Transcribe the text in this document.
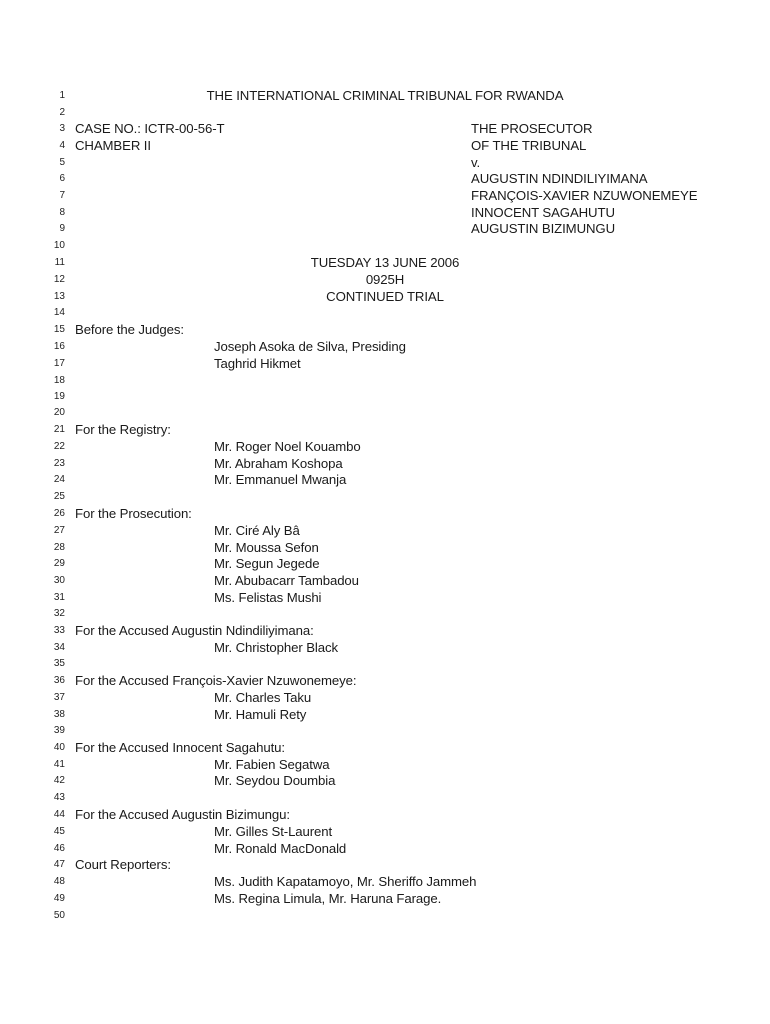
1	THE INTERNATIONAL CRIMINAL TRIBUNAL FOR RWANDA
2
3 CASE NO.: ICTR-00-56-T	THE PROSECUTOR
4 CHAMBER II	OF THE TRIBUNAL
5	v.
6	AUGUSTIN NDINDILIYIMANA
7	FRANÇOIS-XAVIER NZUWONEMEYE
8	INNOCENT SAGAHUTU
9	AUGUSTIN BIZIMUNGU
10
11	TUESDAY 13 JUNE 2006
12	0925H
13	CONTINUED TRIAL
14
15 Before the Judges:
16	Joseph Asoka de Silva, Presiding
17	Taghrid Hikmet
18
19
20
21 For the Registry:
22	Mr. Roger Noel Kouambo
23	Mr. Abraham Koshopa
24	Mr. Emmanuel Mwanja
25
26 For the Prosecution:
27	Mr. Ciré Aly Bâ
28	Mr. Moussa Sefon
29	Mr. Segun Jegede
30	Mr. Abubacarr Tambadou
31	Ms. Felistas Mushi
32
33 For the Accused Augustin Ndindiliyimana:
34	Mr. Christopher Black
35
36 For the Accused François-Xavier Nzuwonemeye:
37	Mr. Charles Taku
38	Mr. Hamuli Rety
39
40 For the Accused Innocent Sagahutu:
41	Mr. Fabien Segatwa
42	Mr. Seydou Doumbia
43
44 For the Accused Augustin Bizimungu:
45	Mr. Gilles St-Laurent
46	Mr. Ronald MacDonald
47 Court Reporters:
48	Ms. Judith Kapatamoyo, Mr. Sheriffo Jammeh
49	Ms. Regina Limula, Mr. Haruna Farage.
50
